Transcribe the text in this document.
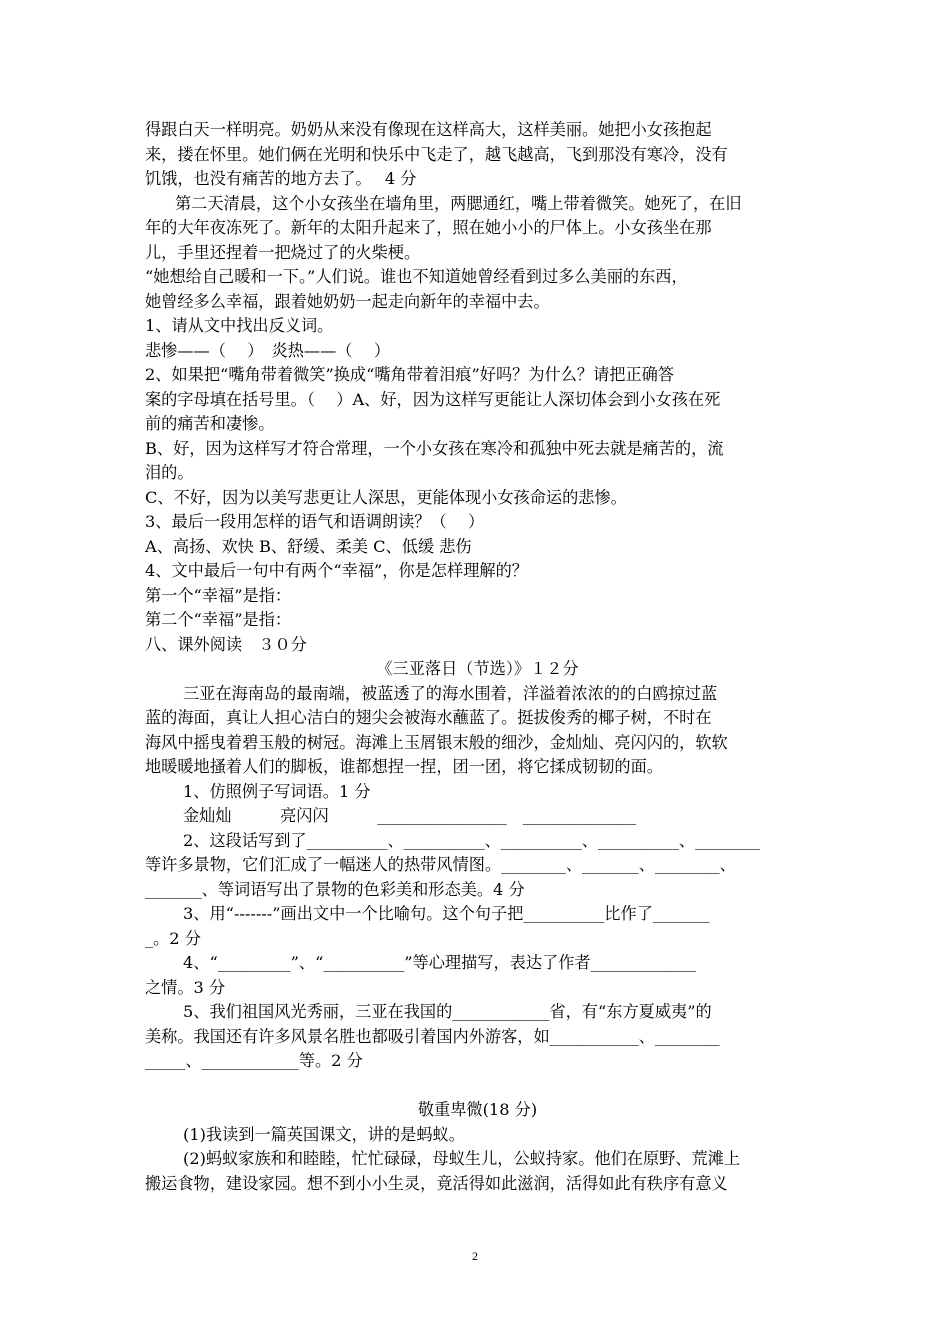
得跟白天一样明亮。奶奶从来没有像现在这样高大，这样美丽。她把小女孩抱起
来，搂在怀里。她们俩在光明和快乐中飞走了，越飞越高，飞到那没有寒冷，没有
饥饿，也没有痛苦的地方去了。　 4 分
第二天清晨，这个小女孩坐在墙角里，两腮通红，嘴上带着微笑。她死了，在旧
年的大年夜冻死了。新年的太阳升起来了，照在她小小的尸体上。小女孩坐在那
儿，手里还捏着一把烧过了的火柴梗。
“她想给自己暖和一下。”人们说。谁也不知道她曾经看到过多么美丽的东西，
她曾经多么幸福，跟着她奶奶一起走向新年的幸福中去。
1、请从文中找出反义词。
悲惨——（　 ）　炎热——（　 ）
2、如果把“嘴角带着微笑”换成“嘴角带着泪痕”好吗？为什么？请把正确答
案的字母填在括号里。（　 ）A、好，因为这样写更能让人深切体会到小女孩在死
前的痛苦和凄惨。
B、好，因为这样写才符合常理，一个小女孩在寒冷和孤独中死去就是痛苦的，流
泪的。
C、不好，因为以美写悲更让人深思，更能体现小女孩命运的悲惨。
3、最后一段用怎样的语气和语调朗读？（　 ）
A、高扬、欢快 B、舒缓、柔美 C、低缓 悲伤
4、文中最后一句中有两个“幸福”，你是怎样理解的？
第一个“幸福”是指：
第二个“幸福”是指：
八、课外阅读　３０分
《三亚落日（节选）》１２分
三亚在海南岛的最南端，被蓝透了的海水围着，洋溢着浓浓的的白鸥掠过蓝
蓝的海面，真让人担心洁白的翅尖会被海水蘸蓝了。挺拔俊秀的椰子树，不时在
海风中摇曳着碧玉般的树冠。海滩上玉屑银末般的细沙，金灿灿、亮闪闪的，软软
地暖暖地搔着人们的脚板，谁都想捏一捏，团一团，将它揉成韧韧的面。
1、仿照例子写词语。1 分
金灿灿　　　亮闪闪　　　________________　______________
2、这段话写到了__________、__________、__________、__________、________
等许多景物，它们汇成了一幅迷人的热带风情图。________、_______、________、
_______、等词语写出了景物的色彩美和形态美。4 分
3、用“-------”画出文中一个比喻句。这个句子把__________比作了_______
_。2 分
4、“_________”、“__________”等心理描写，表达了作者_____________
之情。3 分
5、我们祖国风光秀丽，三亚在我国的____________省，有“东方夏威夷”的
美称。我国还有许多风景名胜也都吸引着国内外游客，如___________、________
_____、____________等。2 分
敬重卑微(18 分)
(1)我读到一篇英国课文，讲的是蚂蚁。
(2)蚂蚁家族和和睦睦，忙忙碌碌，母蚁生儿，公蚁持家。他们在原野、荒滩上
搬运食物，建设家园。想不到小小生灵，竟活得如此滋润，活得如此有秩序有意义
2
